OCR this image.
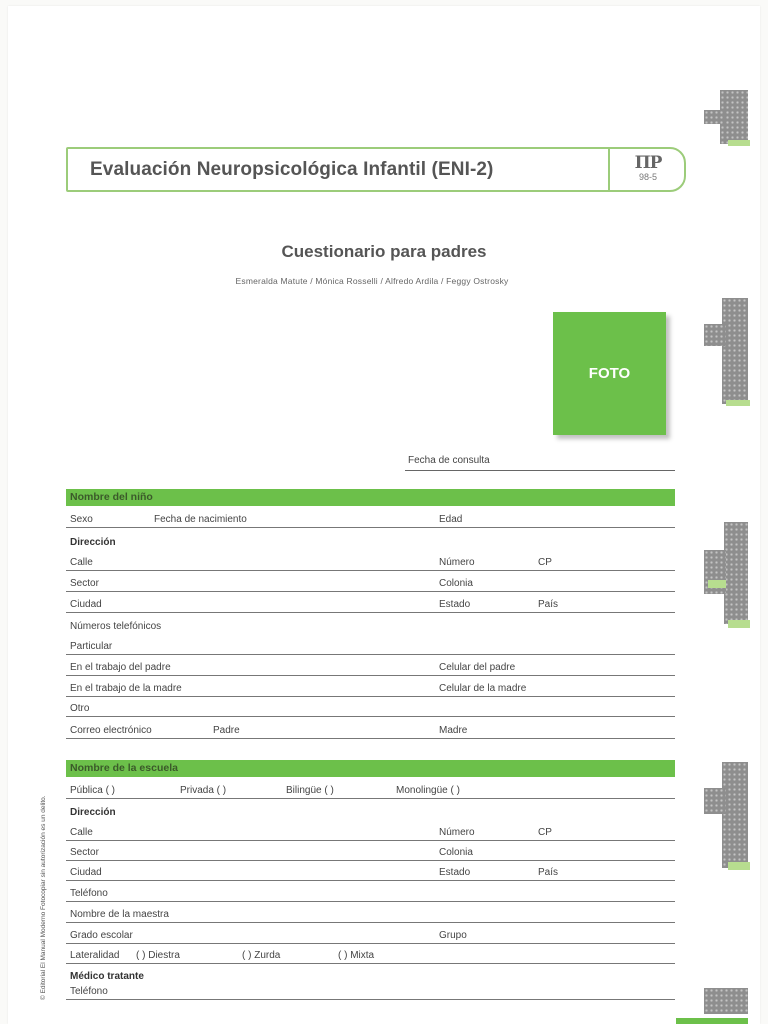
Evaluación Neuropsicológica Infantil (ENI-2)	ПР
98-5
Cuestionario para padres
Esmeralda Matute / Mónica Rosselli / Alfredo Ardila / Feggy Ostrosky
FOTO
Fecha de consulta
Nombre del niño
Sexo	Fecha de nacimiento	Edad
Dirección
Calle	Número	CP
Sector	Colonia
Ciudad	Estado	País
Números telefónicos
Particular
En el trabajo del padre	Celular del padre
En el trabajo de la madre	Celular de la madre
Otro
Correo electrónico	Padre	Madre
Nombre de la escuela
Pública ( )	Privada ( )	Bilingüe ( )	Monolingüe ( )
Dirección
Calle	Número	CP
Sector	Colonia
Ciudad	Estado	País
Teléfono
Nombre de la maestra
Grado escolar	Grupo
Lateralidad ( ) Diestra	( ) Zurda	( ) Mixta
Médico tratante
Teléfono
© Editorial El Manual Moderno Fotocopiar sin autorización es un delito.
